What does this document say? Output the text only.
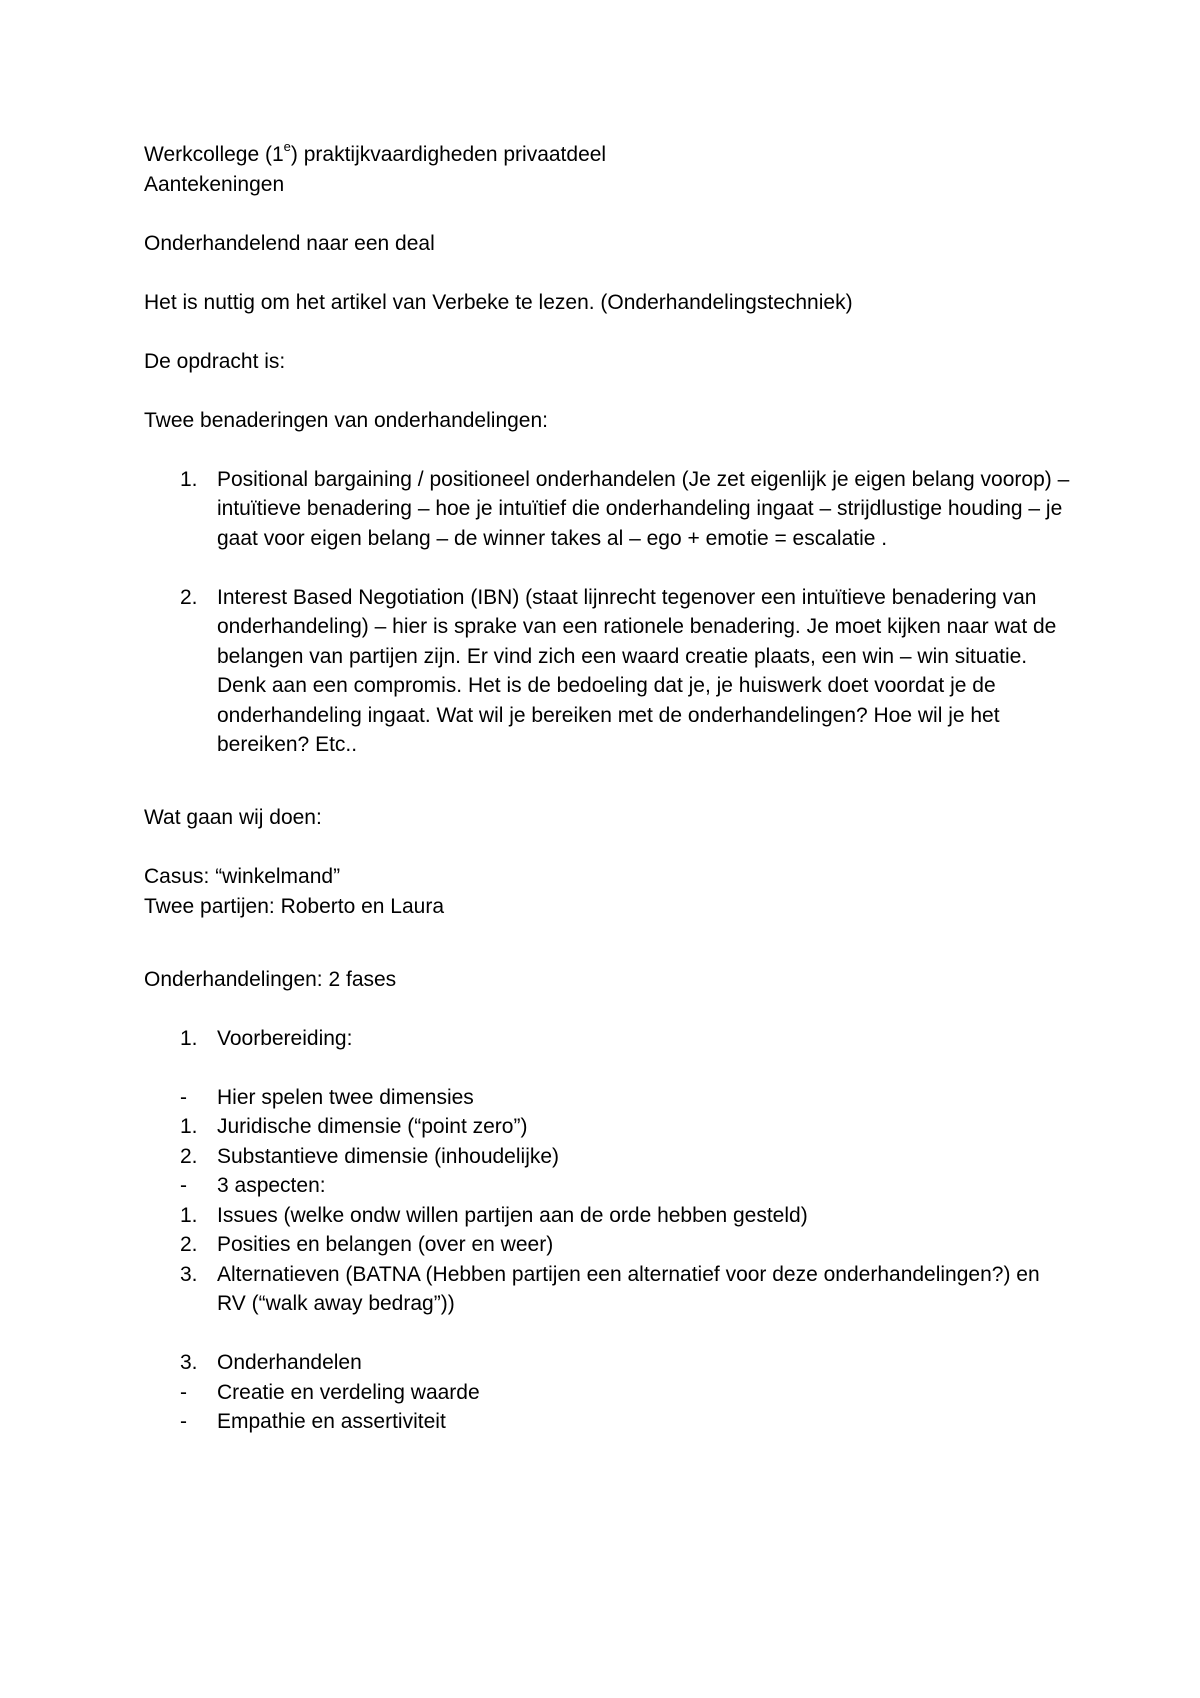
Werkcollege (1e) praktijkvaardigheden privaatdeel

Aantekeningen

Onderhandelend naar een deal

Het is nuttig om het artikel van Verbeke te lezen. (Onderhandelingstechniek)

De opdracht is:

Twee benaderingen van onderhandelingen:

1. Positional bargaining / positioneel onderhandelen (Je zet eigenlijk je eigen belang voorop) – intuïtieve benadering – hoe je intuïtief die onderhandeling ingaat – strijdlustige houding – je gaat voor eigen belang – de winner takes al – ego + emotie = escalatie .
2. Interest Based Negotiation (IBN) (staat lijnrecht tegenover een intuïtieve benadering van onderhandeling) – hier is sprake van een rationele benadering. Je moet kijken naar wat de belangen van partijen zijn. Er vind zich een waard creatie plaats, een win – win situatie. Denk aan een compromis. Het is de bedoeling dat je, je huiswerk doet voordat je de onderhandeling ingaat. Wat wil je bereiken met de onderhandelingen? Hoe wil je het bereiken? Etc..

Wat gaan wij doen:

Casus: “winkelmand”

Twee partijen: Roberto en Laura

Onderhandelingen: 2 fases

1. Voorbereiding:
- Hier spelen twee dimensies
1. Juridische dimensie (“point zero”)
2. Substantieve dimensie (inhoudelijke)
- 3 aspecten:
1. Issues (welke ondw willen partijen aan de orde hebben gesteld)
2. Posities en belangen (over en weer)
3. Alternatieven (BATNA (Hebben partijen een alternatief voor deze onderhandelingen?) en RV (“walk away bedrag”))
3. Onderhandelen
- Creatie en verdeling waarde
- Empathie en assertiviteit
